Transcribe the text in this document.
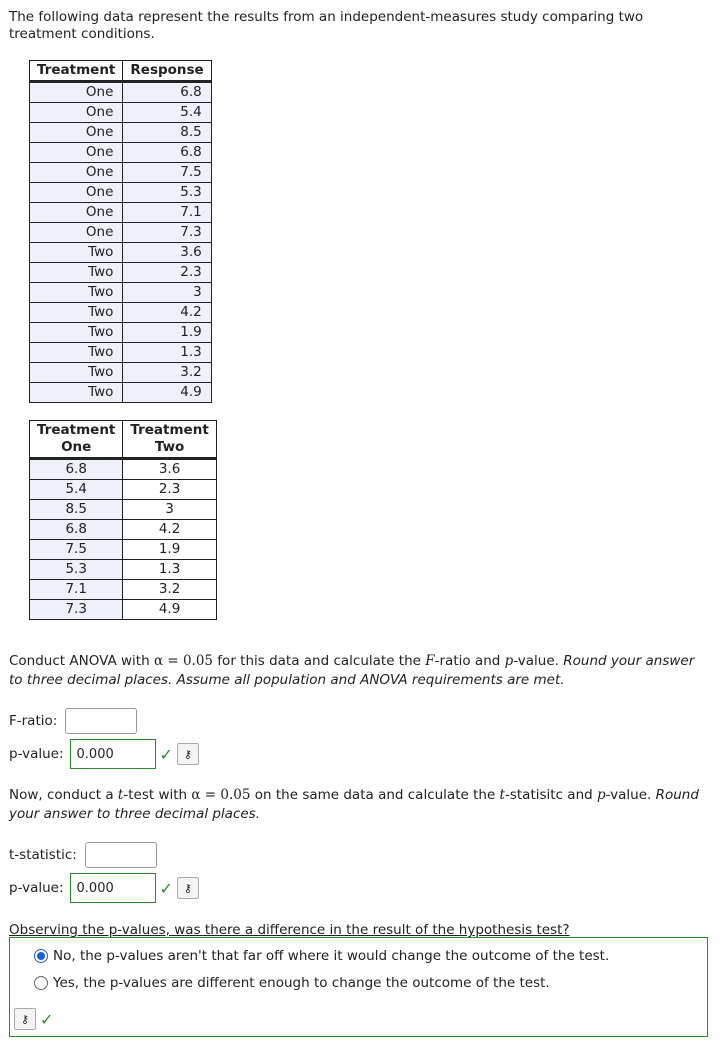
The following data represent the results from an independent-measures study comparing two treatment conditions.
Treatment	Response
One	6.8
One	5.4
One	8.5
One	6.8
One	7.5
One	5.3
One	7.1
One	7.3
Two	3.6
Two	2.3
Two	3
Two	4.2
Two	1.9
Two	1.3
Two	3.2
Two	4.9
Treatment One	Treatment Two
6.8	3.6
5.4	2.3
8.5	3
6.8	4.2
7.5	1.9
5.3	1.3
7.1	3.2
7.3	4.9
Conduct ANOVA with α = 0.05 for this data and calculate the F-ratio and p-value. Round your answer to three decimal places. Assume all population and ANOVA requirements are met.
F-ratio:
p-value: 0.000	✓ ⚷
Now, conduct a t-test with α = 0.05 on the same data and calculate the t-statisitc and p-value. Round your answer to three decimal places.
t-statistic:
p-value: 0.000	✓ ⚷
Observing the p-values, was there a difference in the result of the hypothesis test?
No, the p-values aren't that far off where it would change the outcome of the test.
Yes, the p-values are different enough to change the outcome of the test.
⚷ ✓
